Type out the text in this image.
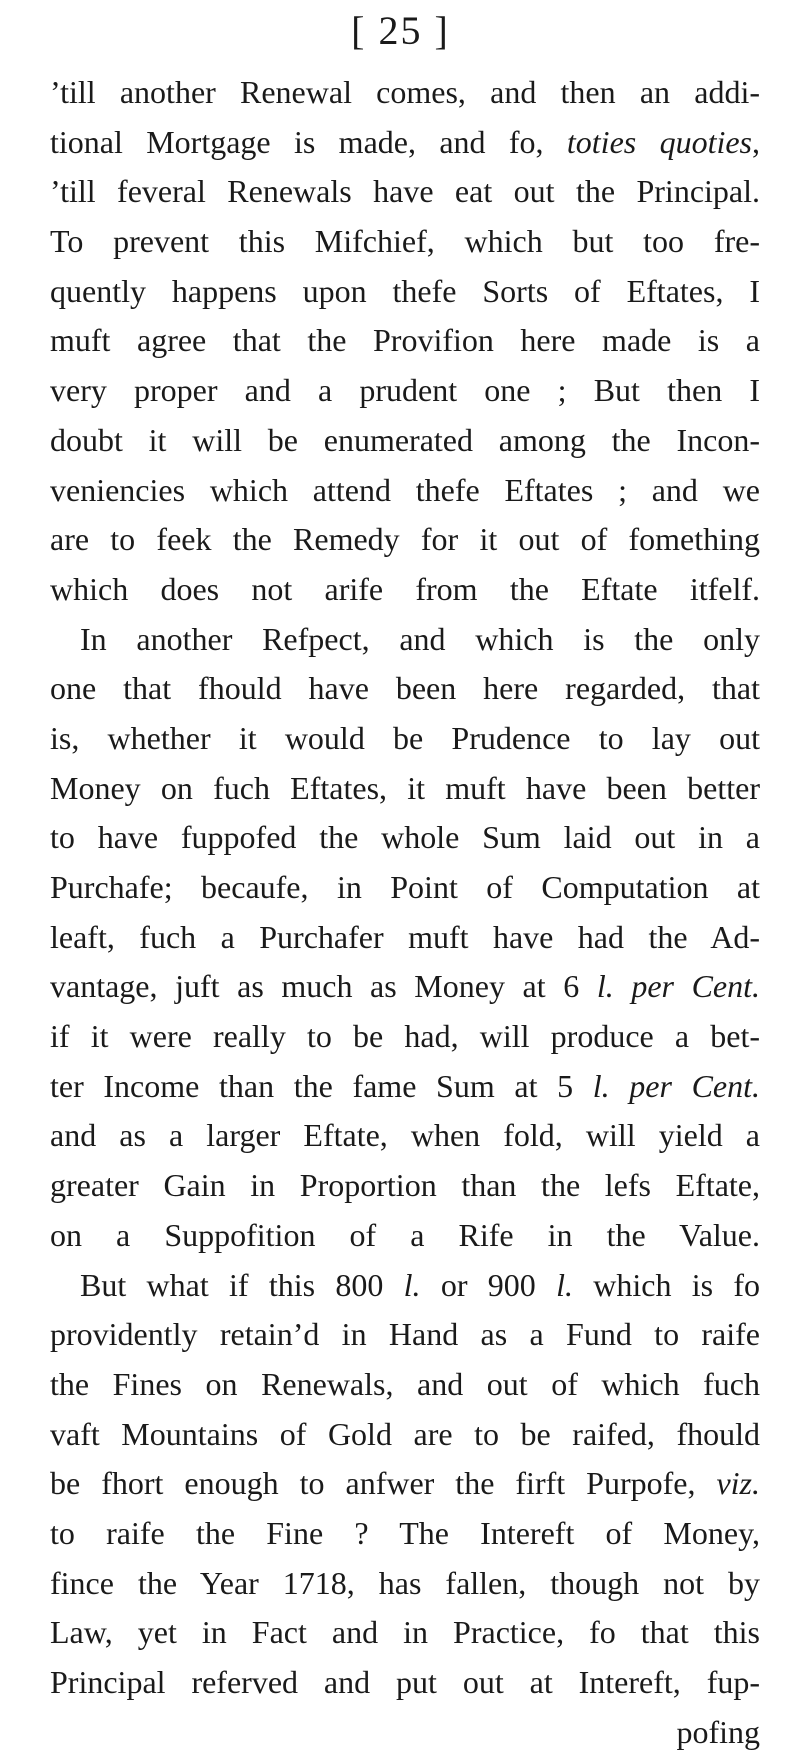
[ 25 ]
’till another Renewal comes, and then an addi-
tional Mortgage is made, and fo, toties quoties,
’till feveral Renewals have eat out the Principal.
To prevent this Mifchief, which but too fre-
quently happens upon thefe Sorts of Eftates, I
muft agree that the Provifion here made is a
very proper and a prudent one ; But then I
doubt it will be enumerated among the Incon-
veniencies which attend thefe Eftates ; and we
are to feek the Remedy for it out of fomething
which does not arife from the Eftate itfelf.
In another Refpect, and which is the only
one that fhould have been here regarded, that
is, whether it would be Prudence to lay out
Money on fuch Eftates, it muft have been better
to have fuppofed the whole Sum laid out in a
Purchafe; becaufe, in Point of Computation at
leaft, fuch a Purchafer muft have had the Ad-
vantage, juft as much as Money at 6 l. per Cent.
if it were really to be had, will produce a bet-
ter Income than the fame Sum at 5 l. per Cent.
and as a larger Eftate, when fold, will yield a
greater Gain in Proportion than the lefs Eftate,
on a Suppofition of a Rife in the Value.
But what if this 800 l. or 900 l. which is fo
providently retain’d in Hand as a Fund to raife
the Fines on Renewals, and out of which fuch
vaft Mountains of Gold are to be raifed, fhould
be fhort enough to anfwer the firft Purpofe, viz.
to raife the Fine ? The Intereft of Money,
fince the Year 1718, has fallen, though not by
Law, yet in Fact and in Practice, fo that this
Principal referved and put out at Intereft, fup-
pofing
